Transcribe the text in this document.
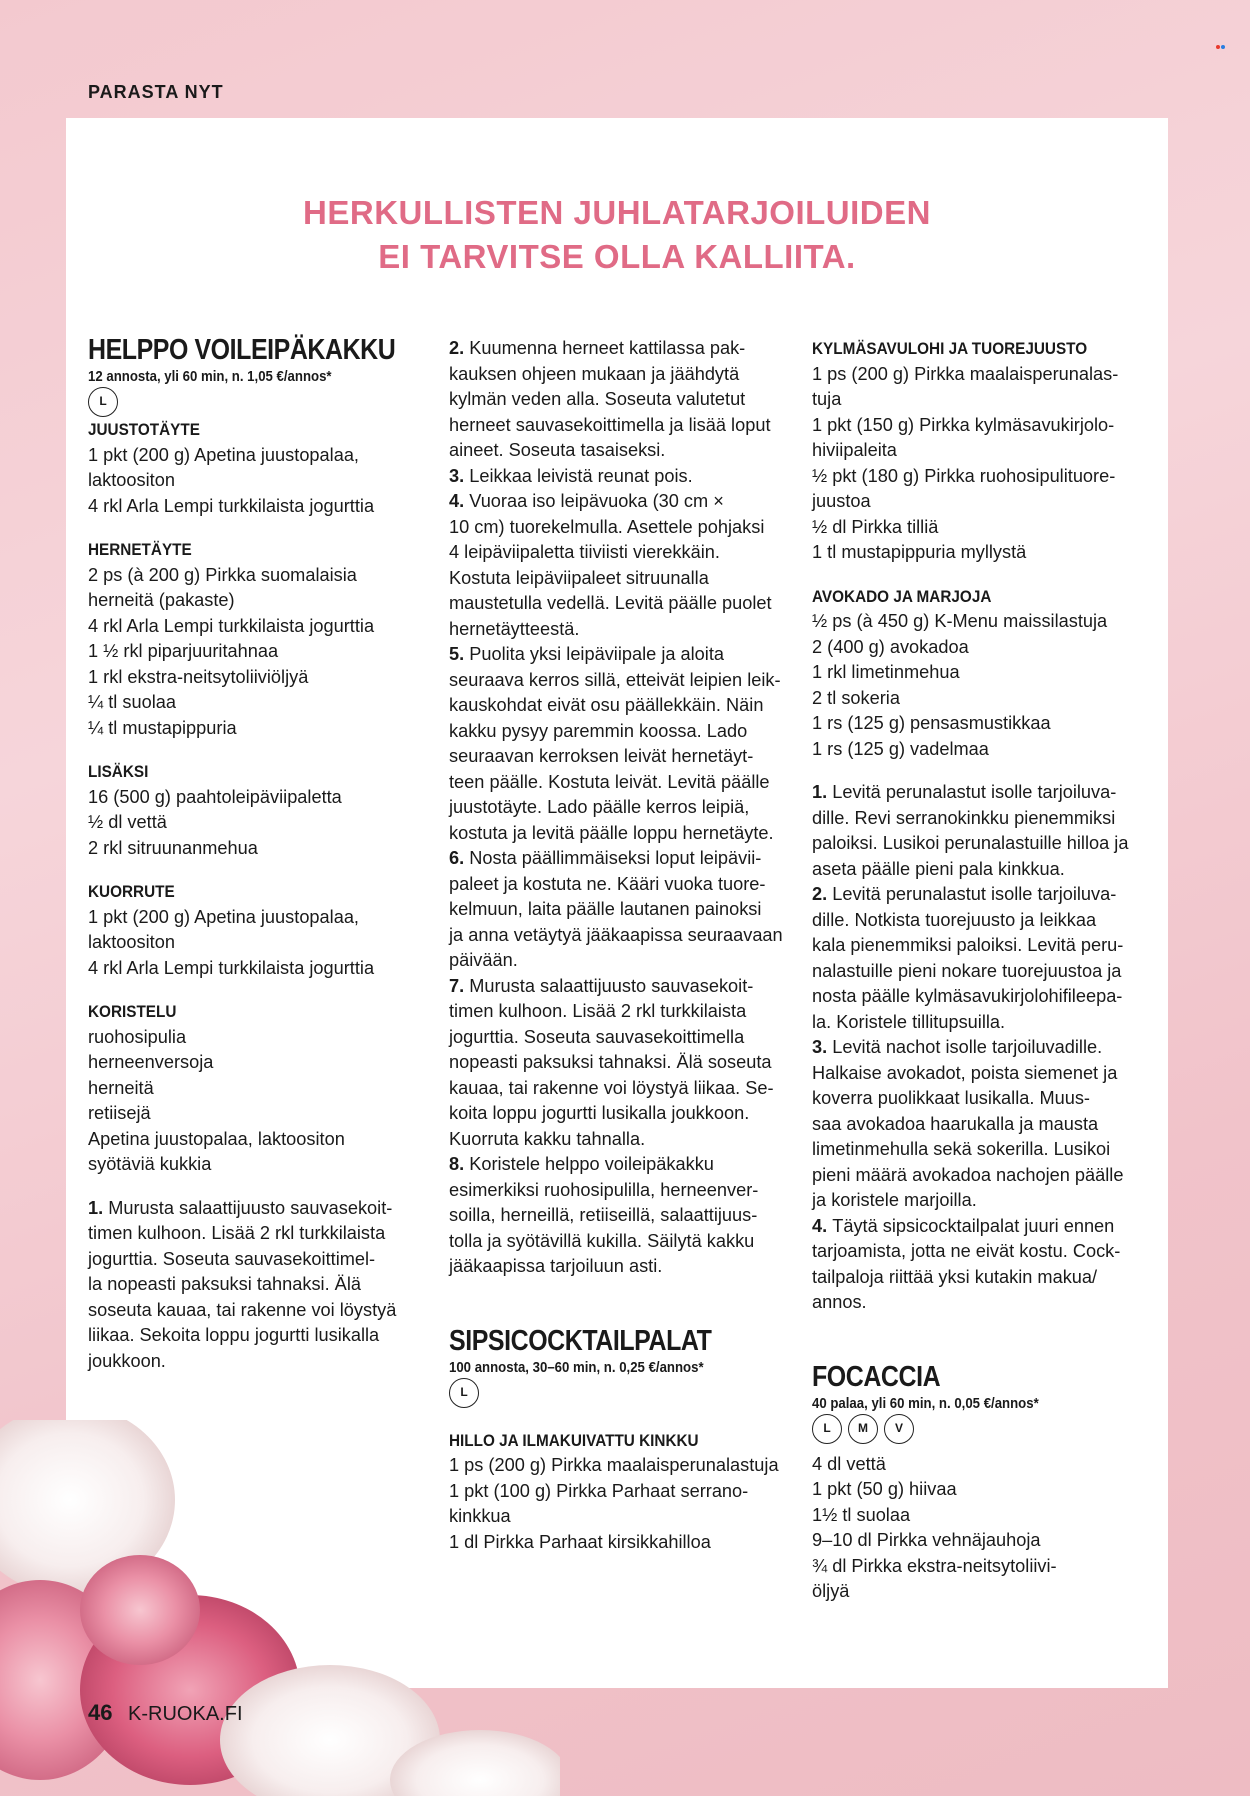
PARASTA NYT
HERKULLISTEN JUHLATARJOILUIDEN
EI TARVITSE OLLA KALLIITA.
HELPPO VOILEIPÄKAKKU
12 annosta, yli 60 min, n. 1,05 €/annos*
L
JUUSTOTÄYTE
1 pkt (200 g) Apetina juustopalaa,
laktoositon
4 rkl Arla Lempi turkkilaista jogurttia
HERNETÄYTE
2 ps (à 200 g) Pirkka suomalaisia
herneitä (pakaste)
4 rkl Arla Lempi turkkilaista jogurttia
1 ½ rkl piparjuuritahnaa
1 rkl ekstra-neitsytoliiviöljyä
¼ tl suolaa
¼ tl mustapippuria
LISÄKSI
16 (500 g) paahtoleipäviipaletta
½ dl vettä
2 rkl sitruunanmehua
KUORRUTE
1 pkt (200 g) Apetina juustopalaa,
laktoositon
4 rkl Arla Lempi turkkilaista jogurttia
KORISTELU
ruohosipulia
herneenversoja
herneitä
retiisejä
Apetina juustopalaa, laktoositon
syötäviä kukkia
1. Murusta salaattijuusto sauvasekoit-
timen kulhoon. Lisää 2 rkl turkkilaista
jogurttia. Soseuta sauvasekoittimel-
la nopeasti paksuksi tahnaksi. Älä
soseuta kauaa, tai rakenne voi löystyä
liikaa. Sekoita loppu jogurtti lusikalla
joukkoon.
2. Kuumenna herneet kattilassa pak-
kauksen ohjeen mukaan ja jäähdytä
kylmän veden alla. Soseuta valutetut
herneet sauvasekoittimella ja lisää loput
aineet. Soseuta tasaiseksi.
3. Leikkaa leivistä reunat pois.
4. Vuoraa iso leipävuoka (30 cm ×
10 cm) tuorekelmulla. Asettele pohjaksi
4 leipäviipaletta tiiviisti vierekkäin.
Kostuta leipäviipaleet sitruunalla
maustetulla vedellä. Levitä päälle puolet
hernetäytteestä.
5. Puolita yksi leipäviipale ja aloita
seuraava kerros sillä, etteivät leipien leik-
kauskohdat eivät osu päällekkäin. Näin
kakku pysyy paremmin koossa. Lado
seuraavan kerroksen leivät hernetäyt-
teen päälle. Kostuta leivät. Levitä päälle
juustotäyte. Lado päälle kerros leipiä,
kostuta ja levitä päälle loppu hernetäyte.
6. Nosta päällimmäiseksi loput leipävii-
paleet ja kostuta ne. Kääri vuoka tuore-
kelmuun, laita päälle lautanen painoksi
ja anna vetäytyä jääkaapissa seuraavaan
päivään.
7. Murusta salaattijuusto sauvasekoit-
timen kulhoon. Lisää 2 rkl turkkilaista
jogurttia. Soseuta sauvasekoittimella
nopeasti paksuksi tahnaksi. Älä soseuta
kauaa, tai rakenne voi löystyä liikaa. Se-
koita loppu jogurtti lusikalla joukkoon.
Kuorruta kakku tahnalla.
8. Koristele helppo voileipäkakku
esimerkiksi ruohosipulilla, herneenver-
soilla, herneillä, retiiseillä, salaattijuus-
tolla ja syötävillä kukilla. Säilytä kakku
jääkaapissa tarjoiluun asti.
SIPSICOCKTAILPALAT
100 annosta, 30–60 min, n. 0,25 €/annos*
L
HILLO JA ILMAKUIVATTU KINKKU
1 ps (200 g) Pirkka maalaisperunalastuja
1 pkt (100 g) Pirkka Parhaat serrano-
kinkkua
1 dl Pirkka Parhaat kirsikkahilloa
KYLMÄSAVULOHI JA TUOREJUUSTO
1 ps (200 g) Pirkka maalaisperunalas-
tuja
1 pkt (150 g) Pirkka kylmäsavukirjolo-
hiviipaleita
½ pkt (180 g) Pirkka ruohosipulituore-
juustoa
½ dl Pirkka tilliä
1 tl mustapippuria myllystä
AVOKADO JA MARJOJA
½ ps (à 450 g) K-Menu maissilastuja
2 (400 g) avokadoa
1 rkl limetinmehua
2 tl sokeria
1 rs (125 g) pensasmustikkaa
1 rs (125 g) vadelmaa
1. Levitä perunalastut isolle tarjoiluva-
dille. Revi serranokinkku pienemmiksi
paloiksi. Lusikoi perunalastuille hilloa ja
aseta päälle pieni pala kinkkua.
2. Levitä perunalastut isolle tarjoiluva-
dille. Notkista tuorejuusto ja leikkaa
kala pienemmiksi paloiksi. Levitä peru-
nalastuille pieni nokare tuorejuustoa ja
nosta päälle kylmäsavukirjolohifileepa-
la. Koristele tillitupsuilla.
3. Levitä nachot isolle tarjoiluvadille.
Halkaise avokadot, poista siemenet ja
koverra puolikkaat lusikalla. Muus-
saa avokadoa haarukalla ja mausta
limetinmehulla sekä sokerilla. Lusikoi
pieni määrä avokadoa nachojen päälle
ja koristele marjoilla.
4. Täytä sipsicocktailpalat juuri ennen
tarjoamista, jotta ne eivät kostu. Cock-
tailpaloja riittää yksi kutakin makua/
annos.
FOCACCIA
40 palaa, yli 60 min, n. 0,05 €/annos*
L	M	V
4 dl vettä
1 pkt (50 g) hiivaa
1½ tl suolaa
9–10 dl Pirkka vehnäjauhoja
¾ dl Pirkka ekstra-neitsytoliivi-
öljyä
46 K-RUOKA.FI
